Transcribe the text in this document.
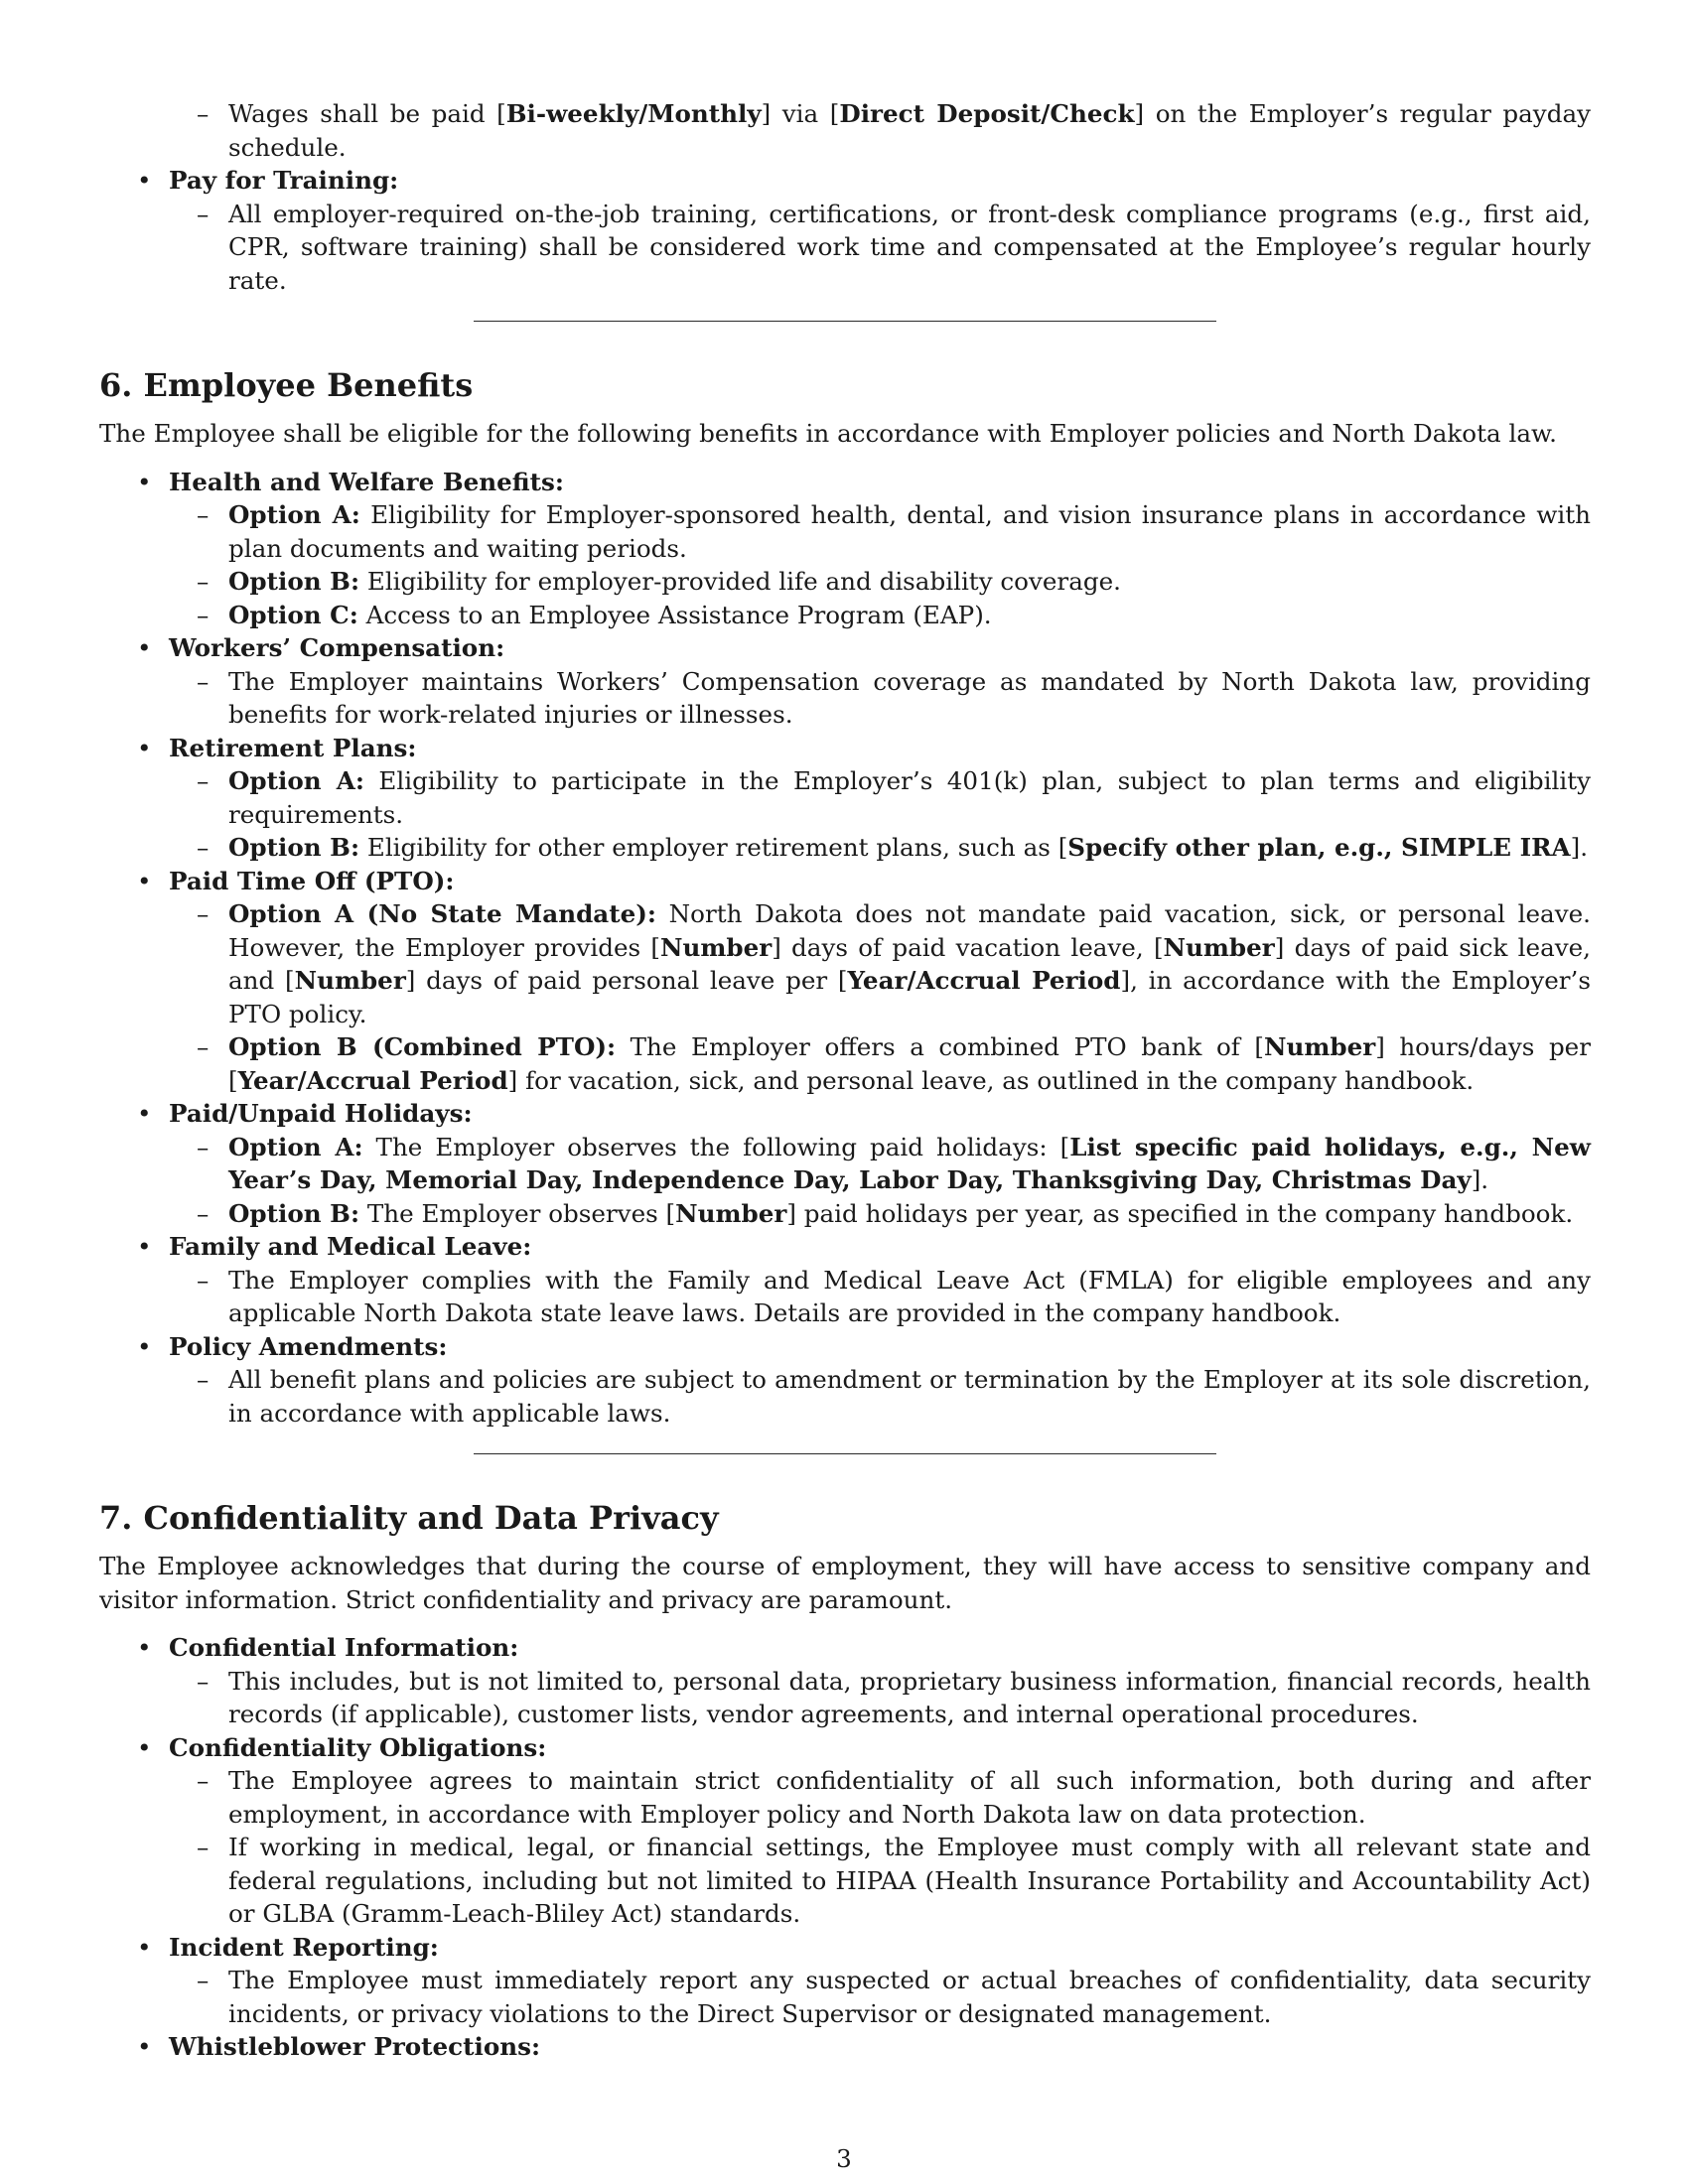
– Wages shall be paid [Bi-weekly/Monthly] via [Direct Deposit/Check] on the Employer’s regular payday schedule.
• Pay for Training:
– All employer-required on-the-job training, certifications, or front-desk compliance programs (e.g., first aid, CPR, software training) shall be considered work time and compensated at the Employee’s regular hourly rate.
6. Employee Benefits
The Employee shall be eligible for the following benefits in accordance with Employer policies and North Dakota law.
• Health and Welfare Benefits:
– Option A: Eligibility for Employer-sponsored health, dental, and vision insurance plans in accordance with plan documents and waiting periods.
– Option B: Eligibility for employer-provided life and disability coverage.
– Option C: Access to an Employee Assistance Program (EAP).
• Workers’ Compensation:
– The Employer maintains Workers’ Compensation coverage as mandated by North Dakota law, providing benefits for work-related injuries or illnesses.
• Retirement Plans:
– Option A: Eligibility to participate in the Employer’s 401(k) plan, subject to plan terms and eligibility requirements.
– Option B: Eligibility for other employer retirement plans, such as [Specify other plan, e.g., SIMPLE IRA].
• Paid Time Off (PTO):
– Option A (No State Mandate): North Dakota does not mandate paid vacation, sick, or personal leave. However, the Employer provides [Number] days of paid vacation leave, [Number] days of paid sick leave, and [Number] days of paid personal leave per [Year/Accrual Period], in accordance with the Employer’s PTO policy.
– Option B (Combined PTO): The Employer offers a combined PTO bank of [Number] hours/days per [Year/Accrual Period] for vacation, sick, and personal leave, as outlined in the company handbook.
• Paid/Unpaid Holidays:
– Option A: The Employer observes the following paid holidays: [List specific paid holidays, e.g., New Year’s Day, Memorial Day, Independence Day, Labor Day, Thanksgiving Day, Christmas Day].
– Option B: The Employer observes [Number] paid holidays per year, as specified in the company handbook.
• Family and Medical Leave:
– The Employer complies with the Family and Medical Leave Act (FMLA) for eligible employees and any applicable North Dakota state leave laws. Details are provided in the company handbook.
• Policy Amendments:
– All benefit plans and policies are subject to amendment or termination by the Employer at its sole discretion, in accordance with applicable laws.
7. Confidentiality and Data Privacy
The Employee acknowledges that during the course of employment, they will have access to sensitive company and visitor information. Strict confidentiality and privacy are paramount.
• Confidential Information:
– This includes, but is not limited to, personal data, proprietary business information, financial records, health records (if applicable), customer lists, vendor agreements, and internal operational procedures.
• Confidentiality Obligations:
– The Employee agrees to maintain strict confidentiality of all such information, both during and after employment, in accordance with Employer policy and North Dakota law on data protection.
– If working in medical, legal, or financial settings, the Employee must comply with all relevant state and federal regulations, including but not limited to HIPAA (Health Insurance Portability and Accountability Act) or GLBA (Gramm-Leach-Bliley Act) standards.
• Incident Reporting:
– The Employee must immediately report any suspected or actual breaches of confidentiality, data security incidents, or privacy violations to the Direct Supervisor or designated management.
• Whistleblower Protections:
3
